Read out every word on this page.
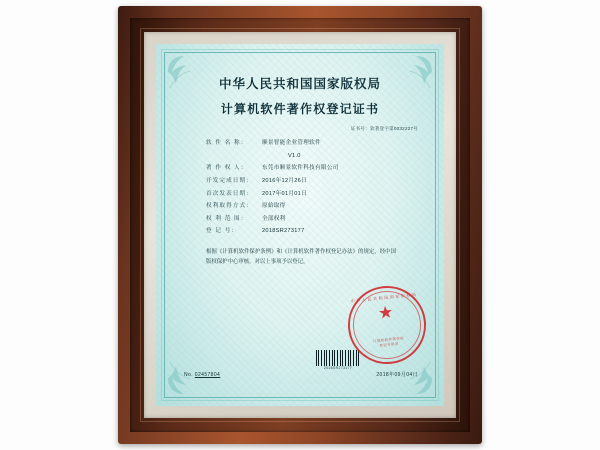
中华人民共和国国家版权局
计算机软件著作权登记证书
证书号：软著登字第0032227号
软 件 名 称：	顺景智能企业管理软件
V1.0
著 作 权 人：	东莞市顺景软件科技有限公司
开发完成日期：	2016年12月26日
首次发表日期：	2017年01月01日
权利取得方式：	原始取得
权 利 范 围：	全部权利
登 记 号：	2018SR273177
根据《计算机软件保护条例》和《计算机软件著作权登记办法》的规定，经中国版权保护中心审核，对以上事项予以登记。
2018SR273177
中华人民共和国国家版权局
★
计算机软件著作权
登记专用章
No. 02457804	2018年09月04日
